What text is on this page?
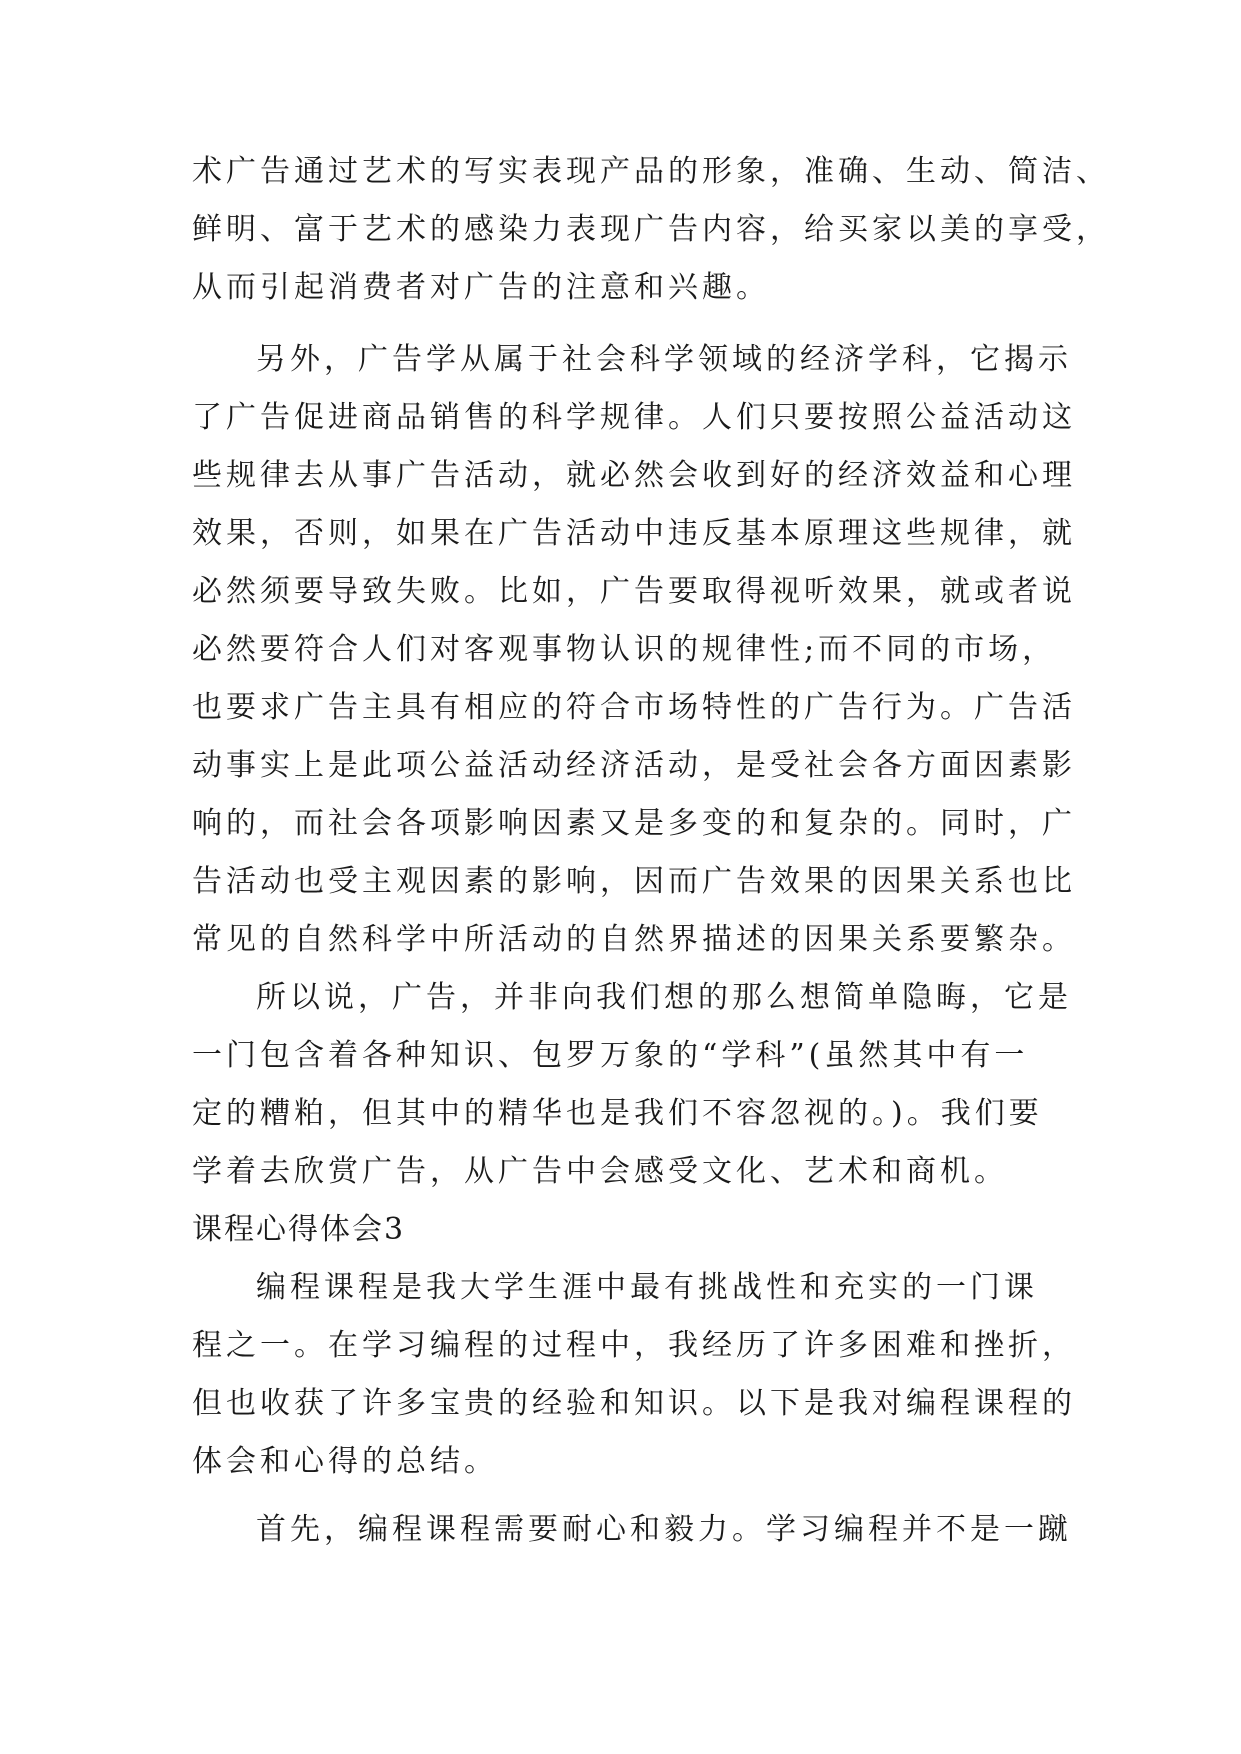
术广告通过艺术的写实表现产品的形象，准确、生动、简洁、

鲜明、富于艺术的感染力表现广告内容，给买家以美的享受，

从而引起消费者对广告的注意和兴趣。

另外，广告学从属于社会科学领域的经济学科，它揭示

了广告促进商品销售的科学规律。人们只要按照公益活动这

些规律去从事广告活动，就必然会收到好的经济效益和心理

效果，否则，如果在广告活动中违反基本原理这些规律，就

必然须要导致失败。比如，广告要取得视听效果，就或者说

必然要符合人们对客观事物认识的规律性;而不同的市场，

也要求广告主具有相应的符合市场特性的广告行为。广告活

动事实上是此项公益活动经济活动，是受社会各方面因素影

响的，而社会各项影响因素又是多变的和复杂的。同时，广

告活动也受主观因素的影响，因而广告效果的因果关系也比

常见的自然科学中所活动的自然界描述的因果关系要繁杂。

所以说，广告，并非向我们想的那么想简单隐晦，它是

一门包含着各种知识、包罗万象的“学科”(虽然其中有一

定的糟粕，但其中的精华也是我们不容忽视的。)。我们要

学着去欣赏广告，从广告中会感受文化、艺术和商机。

课程心得体会3

编程课程是我大学生涯中最有挑战性和充实的一门课

程之一。在学习编程的过程中，我经历了许多困难和挫折，

但也收获了许多宝贵的经验和知识。以下是我对编程课程的

体会和心得的总结。

首先，编程课程需要耐心和毅力。学习编程并不是一蹴
